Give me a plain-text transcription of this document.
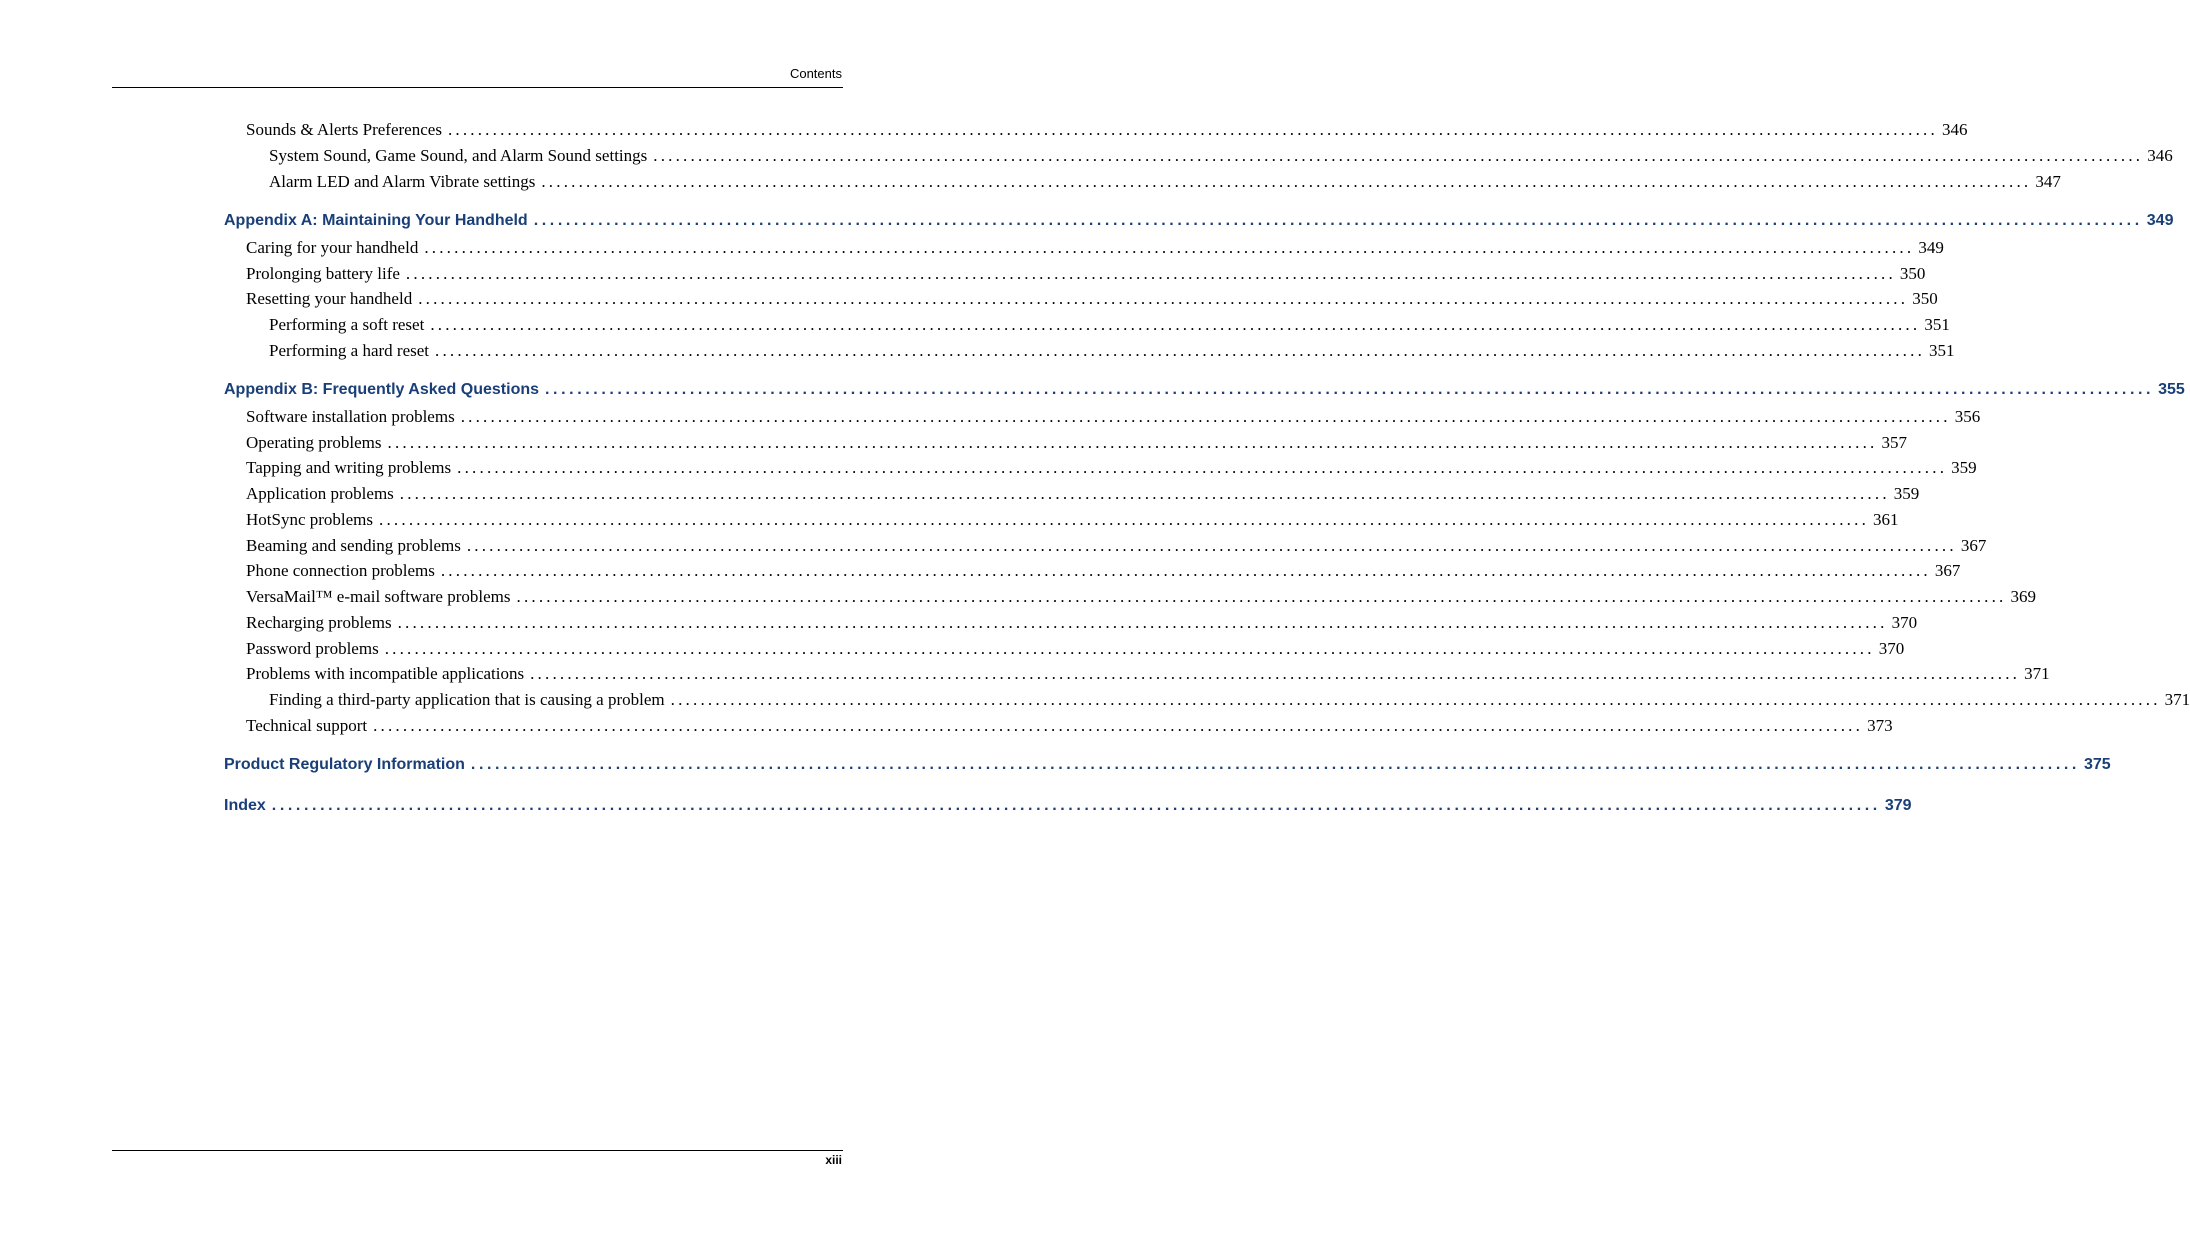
Contents
Sounds & Alerts Preferences ........................................................................................................................................................................................................ 346
System Sound, Game Sound, and Alarm Sound settings ........................................................................................................................................................................................................ 346
Alarm LED and Alarm Vibrate settings ........................................................................................................................................................................................................ 347
Appendix A: Maintaining Your Handheld ........................................................................................................................................................................................................ 349
Caring for your handheld ........................................................................................................................................................................................................ 349
Prolonging battery life ........................................................................................................................................................................................................ 350
Resetting your handheld ........................................................................................................................................................................................................ 350
Performing a soft reset ........................................................................................................................................................................................................ 351
Performing a hard reset ........................................................................................................................................................................................................ 351
Appendix B: Frequently Asked Questions ........................................................................................................................................................................................................ 355
Software installation problems ........................................................................................................................................................................................................ 356
Operating problems ........................................................................................................................................................................................................ 357
Tapping and writing problems ........................................................................................................................................................................................................ 359
Application problems ........................................................................................................................................................................................................ 359
HotSync problems ........................................................................................................................................................................................................ 361
Beaming and sending problems ........................................................................................................................................................................................................ 367
Phone connection problems ........................................................................................................................................................................................................ 367
VersaMail™ e-mail software problems ........................................................................................................................................................................................................ 369
Recharging problems ........................................................................................................................................................................................................ 370
Password problems ........................................................................................................................................................................................................ 370
Problems with incompatible applications ........................................................................................................................................................................................................ 371
Finding a third-party application that is causing a problem ........................................................................................................................................................................................................ 371
Technical support ........................................................................................................................................................................................................ 373
Product Regulatory Information ........................................................................................................................................................................................................ 375
Index ........................................................................................................................................................................................................ 379
xiii
